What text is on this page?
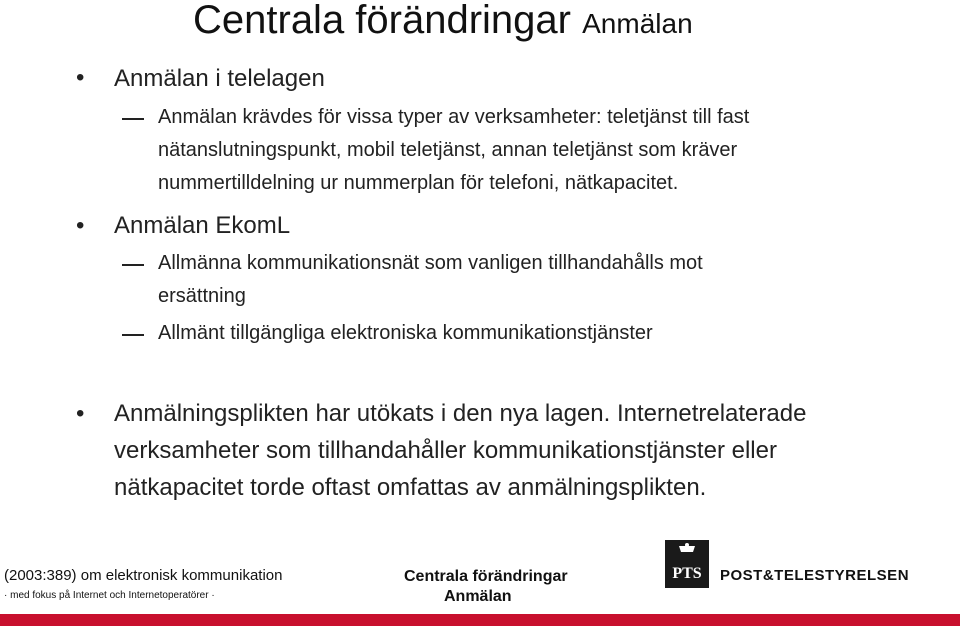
Centrala förändringar Anmälan
• Anmälan i telelagen
Anmälan krävdes för vissa typer av verksamheter: teletjänst till fast
nätanslutningspunkt, mobil teletjänst, annan teletjänst som kräver
nummertilldelning ur nummerplan för telefoni, nätkapacitet.
• Anmälan EkomL
Allmänna kommunikationsnät som vanligen tillhandahålls mot
ersättning
Allmänt tillgängliga elektroniska kommunikationstjänster
• Anmälningsplikten har utökats i den nya lagen. Internetrelaterade
verksamheter som tillhandahåller kommunikationstjänster eller
nätkapacitet torde oftast omfattas av anmälningsplikten.
(2003:389) om elektronisk kommunikation
· med fokus på Internet och Internetoperatörer ·
Centrala förändringar
Anmälan
PTS POST&TELESTYRELSEN
